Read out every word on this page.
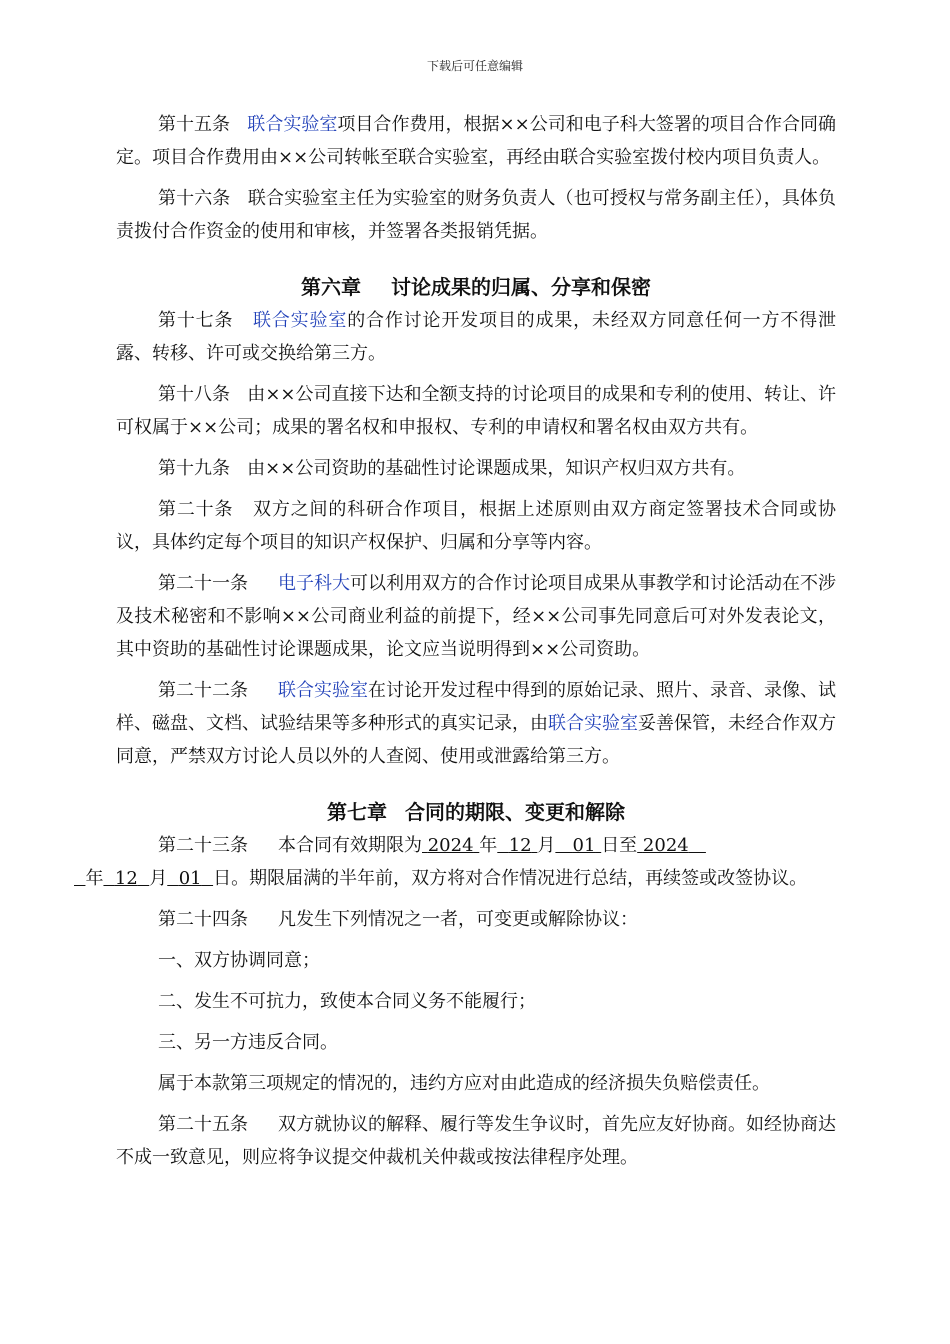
下载后可任意编辑

第十五条 联合实验室项目合作费用，根据××公司和电子科大签署的项目合作合同确定。项目合作费用由××公司转帐至联合实验室，再经由联合实验室拨付校内项目负责人。

第十六条 联合实验室主任为实验室的财务负责人（也可授权与常务副主任），具体负责拨付合作资金的使用和审核，并签署各类报销凭据。

第六章 讨论成果的归属、分享和保密

第十七条 联合实验室的合作讨论开发项目的成果，未经双方同意任何一方不得泄露、转移、许可或交换给第三方。

第十八条 由××公司直接下达和全额支持的讨论项目的成果和专利的使用、转让、许可权属于××公司；成果的署名权和申报权、专利的申请权和署名权由双方共有。

第十九条 由××公司资助的基础性讨论课题成果，知识产权归双方共有。

第二十条 双方之间的科研合作项目，根据上述原则由双方商定签署技术合同或协议，具体约定每个项目的知识产权保护、归属和分享等内容。

第二十一条 电子科大可以利用双方的合作讨论项目成果从事教学和讨论活动在不涉及技术秘密和不影响××公司商业利益的前提下，经××公司事先同意后可对外发表论文，其中资助的基础性讨论课题成果，论文应当说明得到××公司资助。

第二十二条 联合实验室在讨论开发过程中得到的原始记录、照片、录音、录像、试样、磁盘、文档、试验结果等多种形式的真实记录，由联合实验室妥善保管，未经合作双方同意，严禁双方讨论人员以外的人查阅、使用或泄露给第三方。

第七章 合同的期限、变更和解除

第二十三条 本合同有效期限为 2024 年 12 月 01 日至 2024
年 12 月 01 日。期限届满的半年前，双方将对合作情况进行总结，再续签或改签协议。

第二十四条 凡发生下列情况之一者，可变更或解除协议：

一、双方协调同意；

二、发生不可抗力，致使本合同义务不能履行；

三、另一方违反合同。

属于本款第三项规定的情况的，违约方应对由此造成的经济损失负赔偿责任。

第二十五条 双方就协议的解释、履行等发生争议时，首先应友好协商。如经协商达不成一致意见，则应将争议提交仲裁机关仲裁或按法律程序处理。
